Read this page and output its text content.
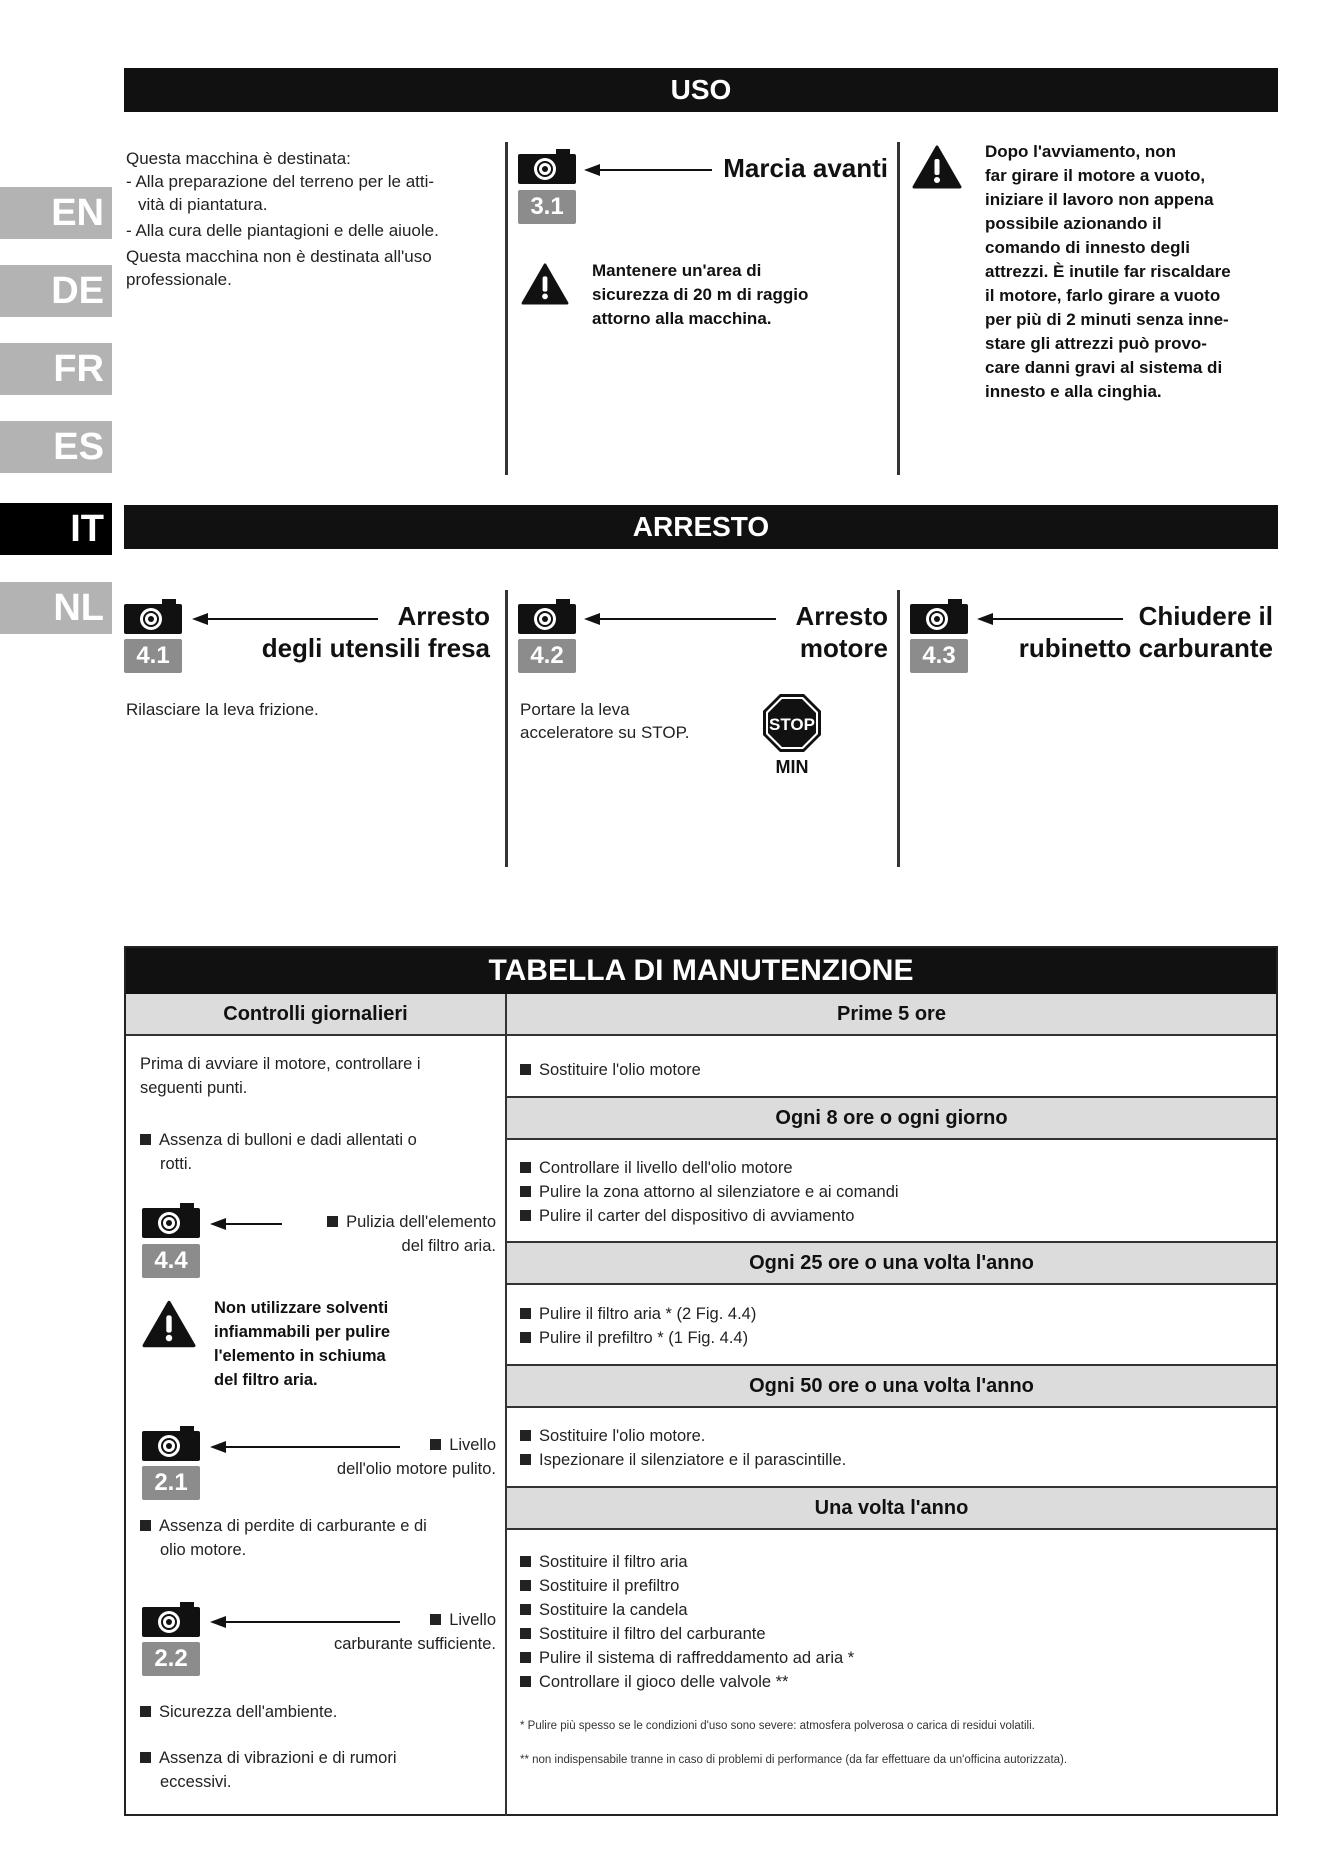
EN
DE
FR
ES
IT
NL
USO

Questa macchina è destinata:

- Alla preparazione del terreno per le atti-

vità di piantatura.

- Alla cura delle piantagioni e delle aiuole.

Questa macchina non è destinata all'uso

professionale.

3.1
Marcia avanti
Mantenere un'area di
sicurezza di 20 m di raggio
attorno alla macchina.
Dopo l'avviamento, non
far girare il motore a vuoto,
iniziare il lavoro non appena
possibile azionando il
comando di innesto degli
attrezzi. È inutile far riscaldare
il motore, farlo girare a vuoto
per più di 2 minuti senza inne-
stare gli attrezzi può provo-
care danni gravi al sistema di
innesto e alla cinghia.
ARRESTO
4.1
Arresto
degli utensili fresa
Rilasciare la leva frizione.
4.2
Arresto
motore
Portare la leva
acceleratore su STOP.	STOP
MIN
4.3
Chiudere il
rubinetto carburante
TABELLA DI MANUTENZIONE
Controlli giornalieri
Prima di avviare il motore, controllare i
seguenti punti.
Assenza di bulloni e dadi allentati o
rotti.
4.4
Pulizia dell'elemento
del filtro aria.
Non utilizzare solventi
infiammabili per pulire
l'elemento in schiuma
del filtro aria.
2.1
Livello
dell'olio motore pulito.
Assenza di perdite di carburante e di
olio motore.
2.2
Livello
carburante sufficiente.
Sicurezza dell'ambiente.
Assenza di vibrazioni e di rumori
eccessivi.
Prime 5 ore
Sostituire l'olio motore
Ogni 8 ore o ogni giorno
Controllare il livello dell'olio motore
Pulire la zona attorno al silenziatore e ai comandi
Pulire il carter del dispositivo di avviamento
Ogni 25 ore o una volta l'anno
Pulire il filtro aria * (2 Fig. 4.4)
Pulire il prefiltro * (1 Fig. 4.4)
Ogni 50 ore o una volta l'anno
Sostituire l'olio motore.
Ispezionare il silenziatore e il parascintille.
Una volta l'anno
Sostituire il filtro aria
Sostituire il prefiltro
Sostituire la candela
Sostituire il filtro del carburante
Pulire il sistema di raffreddamento ad aria *
Controllare il gioco delle valvole **
* Pulire più spesso se le condizioni d'uso sono severe: atmosfera polverosa o carica di residui volatili.
** non indispensabile tranne in caso di problemi di performance (da far effettuare da un'officina autorizzata).
